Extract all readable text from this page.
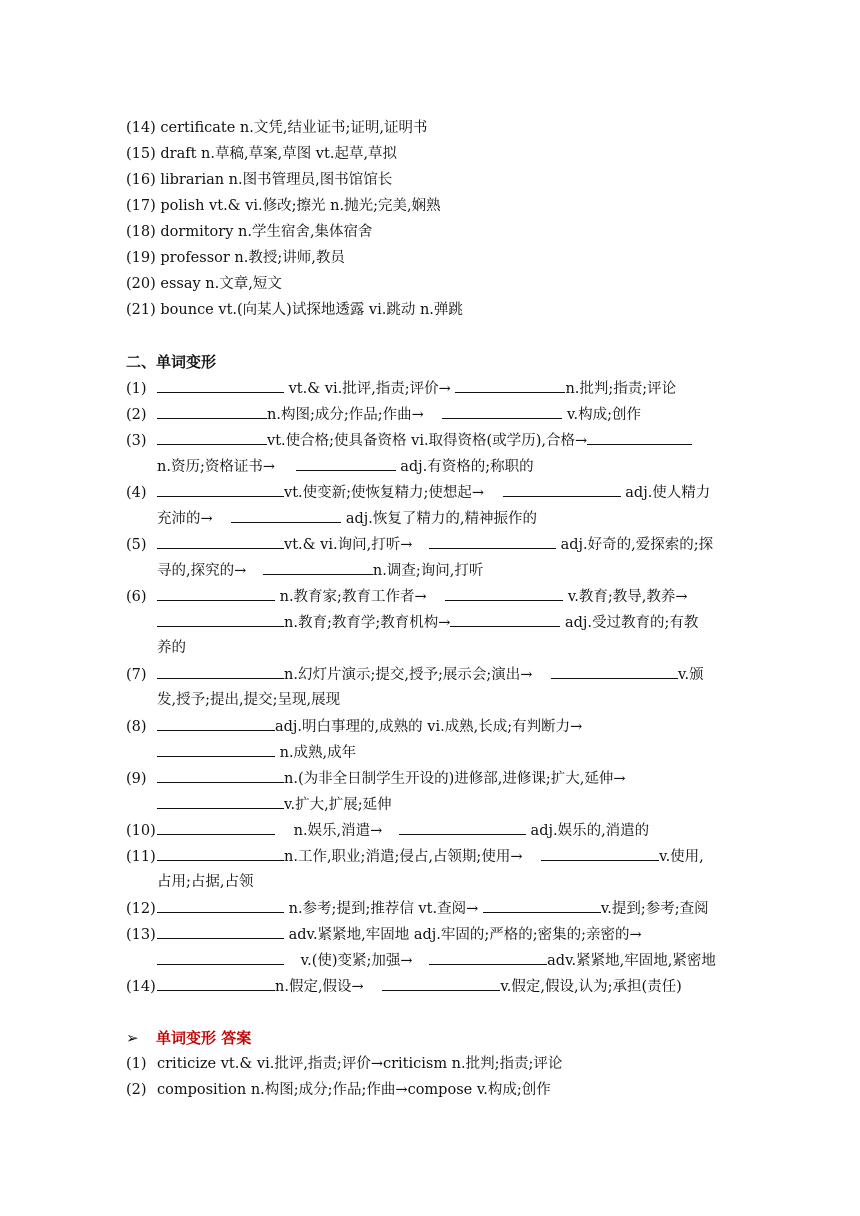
(14) certificate n.文凭,结业证书;证明,证明书
(15) draft n.草稿,草案,草图 vt.起草,草拟
(16) librarian n.图书管理员,图书馆馆长
(17) polish vt.& vi.修改;擦光 n.抛光;完美,娴熟
(18) dormitory n.学生宿舍,集体宿舍
(19) professor n.教授;讲师,教员
(20) essay n.文章,短文
(21) bounce vt.(向某人)试探地透露 vi.跳动 n.弹跳
二、单词变形
(1)	vt.& vi.批评,指责;评价→	n.批判;指责;评论
(2)	n.构图;成分;作品;作曲→	v.构成;创作
(3)	vt.使合格;使具备资格 vi.取得资格(或学历),合格→
n.资历;资格证书→	adj.有资格的;称职的
(4)	vt.使变新;使恢复精力;使想起→	adj.使人精力
充沛的→	adj.恢复了精力的,精神振作的
(5)	vt.& vi.询问,打听→	adj.好奇的,爱探索的;探
寻的,探究的→	n.调查;询问,打听
(6)	n.教育家;教育工作者→	v.教育;教导,教养→
n.教育;教育学;教育机构→	adj.受过教育的;有教
养的
(7)	n.幻灯片演示;提交,授予;展示会;演出→	v.颁
发,授予;提出,提交;呈现,展现
(8)	adj.明白事理的,成熟的 vi.成熟,长成;有判断力→
n.成熟,成年
(9)	n.(为非全日制学生开设的)进修部,进修课;扩大,延伸→
v.扩大,扩展;延伸
(10)	n.娱乐,消遣→	adj.娱乐的,消遣的
(11)	n.工作,职业;消遣;侵占,占领期;使用→	v.使用,
占用;占据,占领
(12)	n.参考;提到;推荐信 vt.查阅→	v.提到;参考;查阅
(13)	adv.紧紧地,牢固地 adj.牢固的;严格的;密集的;亲密的→
v.(使)变紧;加强→	adv.紧紧地,牢固地,紧密地
(14)	n.假定,假设→	v.假定,假设,认为;承担(责任)
➢ 单词变形 答案
(1) criticize vt.& vi.批评,指责;评价→criticism n.批判;指责;评论
(2) composition n.构图;成分;作品;作曲→compose v.构成;创作
